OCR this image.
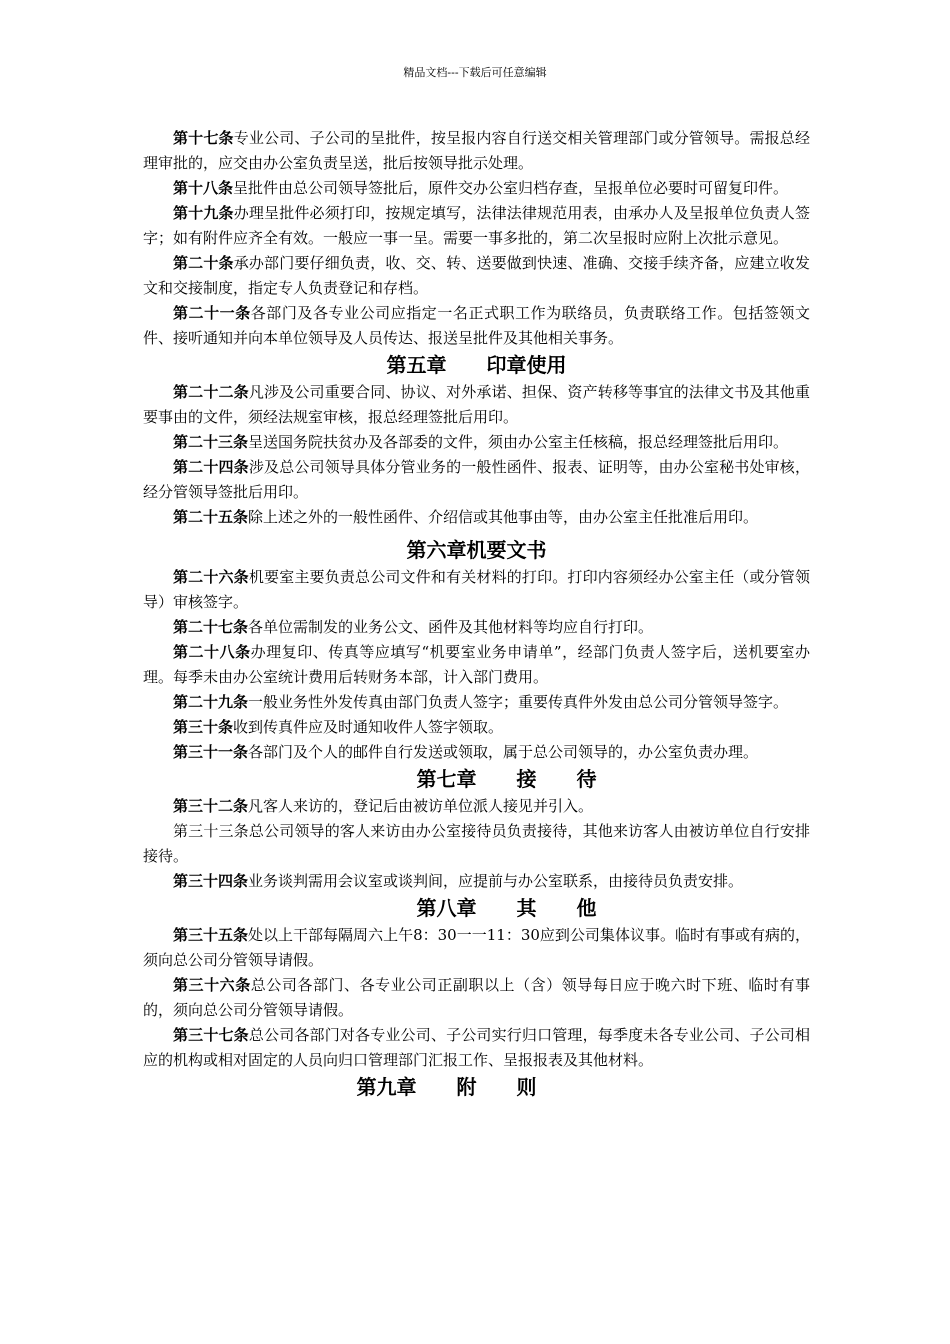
精品文档---下载后可任意编辑

第十七条专业公司、子公司的呈批件，按呈报内容自行送交相关管理部门或分管领导。需报总经理审批的，应交由办公室负责呈送，批后按领导批示处理。

第十八条呈批件由总公司领导签批后，原件交办公室归档存查，呈报单位必要时可留复印件。

第十九条办理呈批件必须打印，按规定填写，法律法律规范用表，由承办人及呈报单位负责人签字；如有附件应齐全有效。一般应一事一呈。需要一事多批的，第二次呈报时应附上次批示意见。

第二十条承办部门要仔细负责，收、交、转、送要做到快速、准确、交接手续齐备，应建立收发文和交接制度，指定专人负责登记和存档。

第二十一条各部门及各专业公司应指定一名正式职工作为联络员，负责联络工作。包括签领文件、接听通知并向本单位领导及人员传达、报送呈批件及其他相关事务。

第五章　　印章使用

第二十二条凡涉及公司重要合同、协议、对外承诺、担保、资产转移等事宜的法律文书及其他重要事由的文件，须经法规室审核，报总经理签批后用印。

第二十三条呈送国务院扶贫办及各部委的文件，须由办公室主任核稿，报总经理签批后用印。

第二十四条涉及总公司领导具体分管业务的一般性函件、报表、证明等，由办公室秘书处审核，经分管领导签批后用印。

第二十五条除上述之外的一般性函件、介绍信或其他事由等，由办公室主任批准后用印。

第六章机要文书

第二十六条机要室主要负责总公司文件和有关材料的打印。打印内容须经办公室主任（或分管领导）审核签字。

第二十七条各单位需制发的业务公文、函件及其他材料等均应自行打印。

第二十八条办理复印、传真等应填写“机要室业务申请单”，经部门负责人签字后，送机要室办理。每季未由办公室统计费用后转财务本部，计入部门费用。

第二十九条一般业务性外发传真由部门负责人签字；重要传真件外发由总公司分管领导签字。

第三十条收到传真件应及时通知收件人签字领取。

第三十一条各部门及个人的邮件自行发送或领取，属于总公司领导的，办公室负责办理。

第七章　　接　　待

第三十二条凡客人来访的，登记后由被访单位派人接见并引入。

第三十三条总公司领导的客人来访由办公室接待员负责接待，其他来访客人由被访单位自行安排接待。

第三十四条业务谈判需用会议室或谈判间，应提前与办公室联系，由接待员负责安排。

第八章　　其　　他

第三十五条处以上干部每隔周六上午8：30一一11：30应到公司集体议事。临时有事或有病的，须向总公司分管领导请假。

第三十六条总公司各部门、各专业公司正副职以上（含）领导每日应于晚六时下班、临时有事的，须向总公司分管领导请假。

第三十七条总公司各部门对各专业公司、子公司实行归口管理，每季度未各专业公司、子公司相应的机构或相对固定的人员向归口管理部门汇报工作、呈报报表及其他材料。

第九章　　附　　则
